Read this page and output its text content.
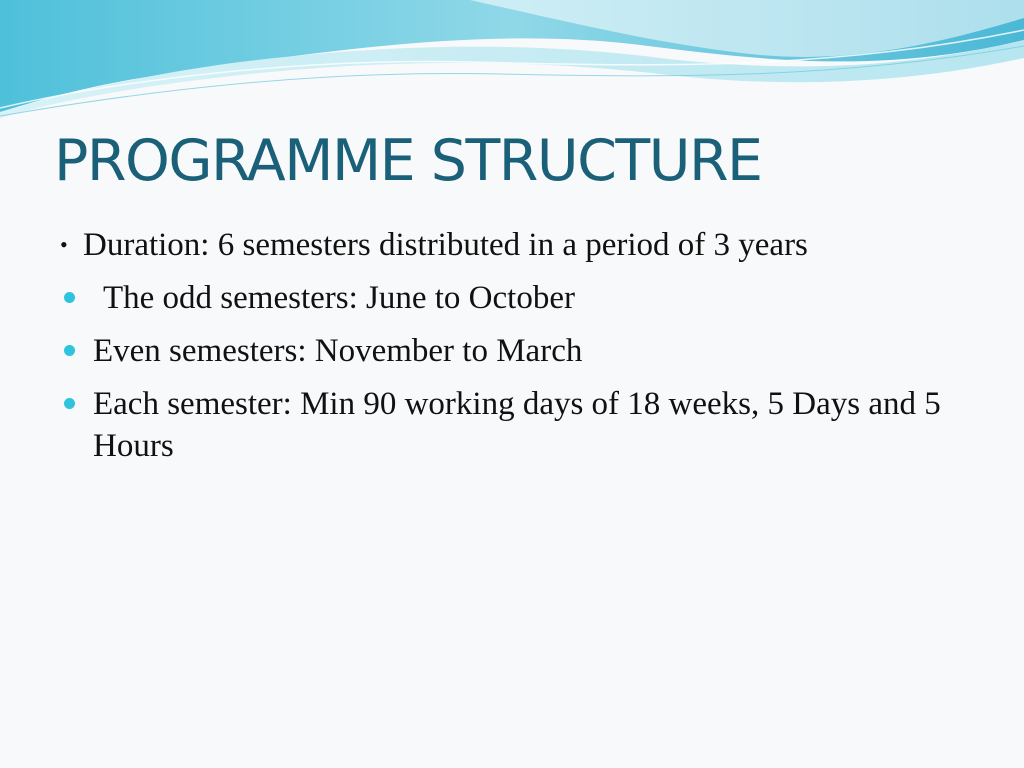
PROGRAMME STRUCTURE
• Duration: 6 semesters distributed in a period of 3 years
The odd semesters: June to October
Even semesters: November to March
Each semester: Min 90 working days of 18 weeks, 5 Days and 5 Hours
